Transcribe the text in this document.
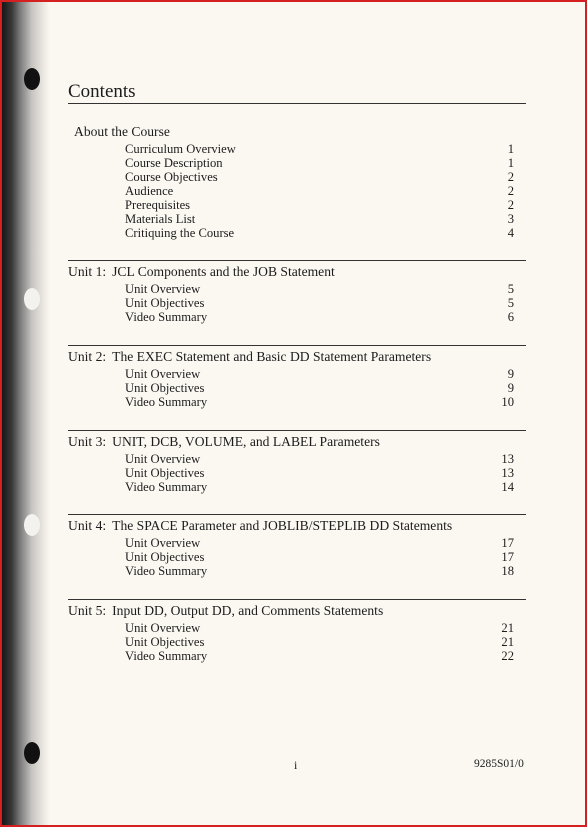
Contents
About the Course
Curriculum Overview	1
Course Description	1
Course Objectives	2
Audience	2
Prerequisites	2
Materials List	3
Critiquing the Course	4
Unit 1: JCL Components and the JOB Statement
Unit Overview	5
Unit Objectives	5
Video Summary	6
Unit 2: The EXEC Statement and Basic DD Statement Parameters
Unit Overview	9
Unit Objectives	9
Video Summary	10
Unit 3: UNIT, DCB, VOLUME, and LABEL Parameters
Unit Overview	13
Unit Objectives	13
Video Summary	14
Unit 4: The SPACE Parameter and JOBLIB/STEPLIB DD Statements
Unit Overview	17
Unit Objectives	17
Video Summary	18
Unit 5: Input DD, Output DD, and Comments Statements
Unit Overview	21
Unit Objectives	21
Video Summary	22
i	9285S01/0
